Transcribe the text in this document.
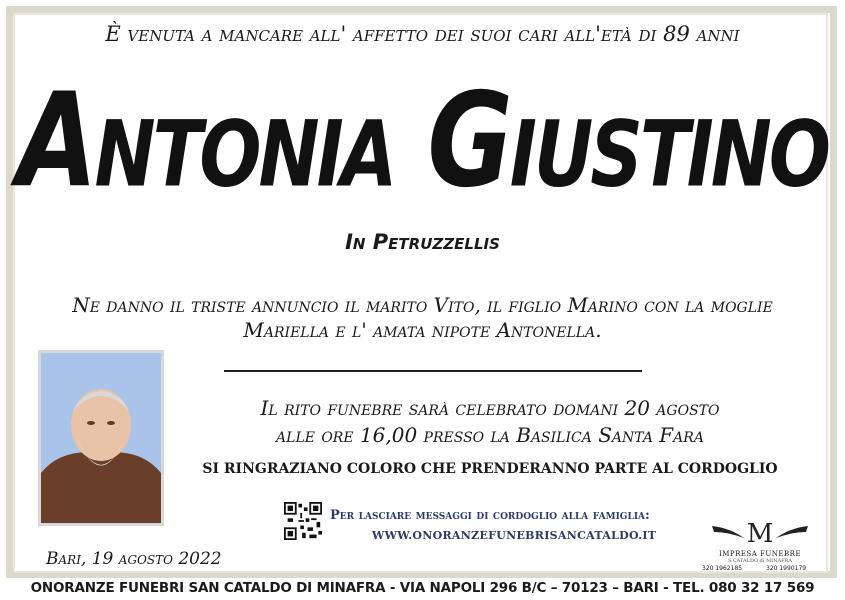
È venuta a mancare all' affetto dei suoi cari all'età di 89 anni
Antonia Giustino
In Petruzzellis
Ne danno il triste annuncio il marito Vito, il figlio Marino con la moglie
Mariella e l' amata nipote Antonella.
Il rito funebre sarà celebrato domani 20 agosto
alle ore 16,00 presso la Basilica Santa Fara
SI RINGRAZIANO COLORO CHE PRENDERANNO PARTE AL CORDOGLIO
Per lasciare messaggi di cordoglio alla famiglia:
WWW.ONORANZEFUNEBRISANCATALDO.IT
Bari, 19 agosto 2022
M
IMPRESA FUNEBRE
S.CATALDO di MINAFRA
320 1962185	320 1990179
ONORANZE FUNEBRI SAN CATALDO DI MINAFRA - VIA NAPOLI 296 B/C – 70123 – BARI - TEL. 080 32 17 569
